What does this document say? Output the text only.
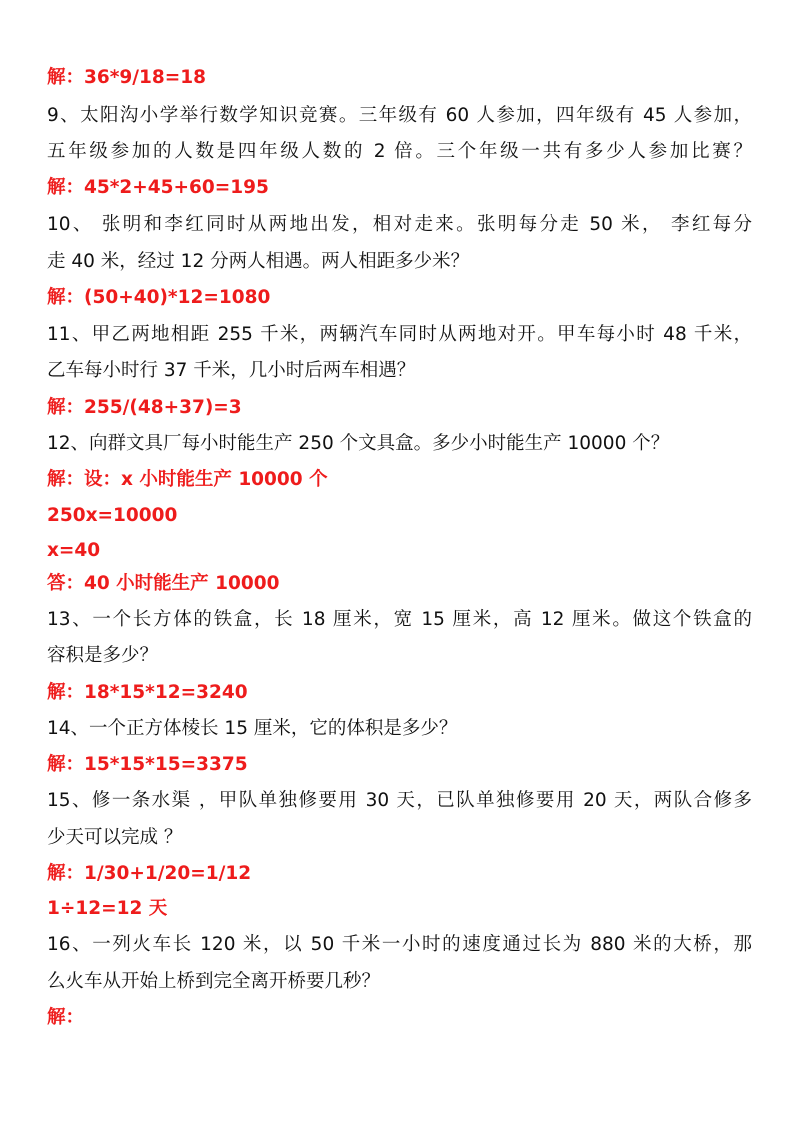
解：36*9/18=18
9、太阳沟小学举行数学知识竞赛。三年级有 60 人参加，四年级有 45 人参加，
五年级参加的人数是四年级人数的 2 倍。三个年级一共有多少人参加比赛？
解：45*2+45+60=195
10、 张明和李红同时从两地出发，相对走来。张明每分走 50 米， 李红每分
走 40 米，经过 12 分两人相遇。两人相距多少米？
解：(50+40)*12=1080
11、甲乙两地相距 255 千米，两辆汽车同时从两地对开。甲车每小时 48 千米，
乙车每小时行 37 千米，几小时后两车相遇？
解：255/(48+37)=3
12、向群文具厂每小时能生产 250 个文具盒。多少小时能生产 10000 个？
解：设：x 小时能生产 10000 个
250x=10000
x=40
答：40 小时能生产 10000
13、一个长方体的铁盒，长 18 厘米，宽 15 厘米，高 12 厘米。做这个铁盒的
容积是多少？
解：18*15*12=3240
14、一个正方体棱长 15 厘米，它的体积是多少？
解：15*15*15=3375
15、修一条水渠 ，甲队单独修要用 30 天，已队单独修要用 20 天，两队合修多
少天可以完成 ？
解：1/30+1/20=1/12
1÷12=12 天
16、一列火车长 120 米，以 50 千米一小时的速度通过长为 880 米的大桥，那
么火车从开始上桥到完全离开桥要几秒？
解：
